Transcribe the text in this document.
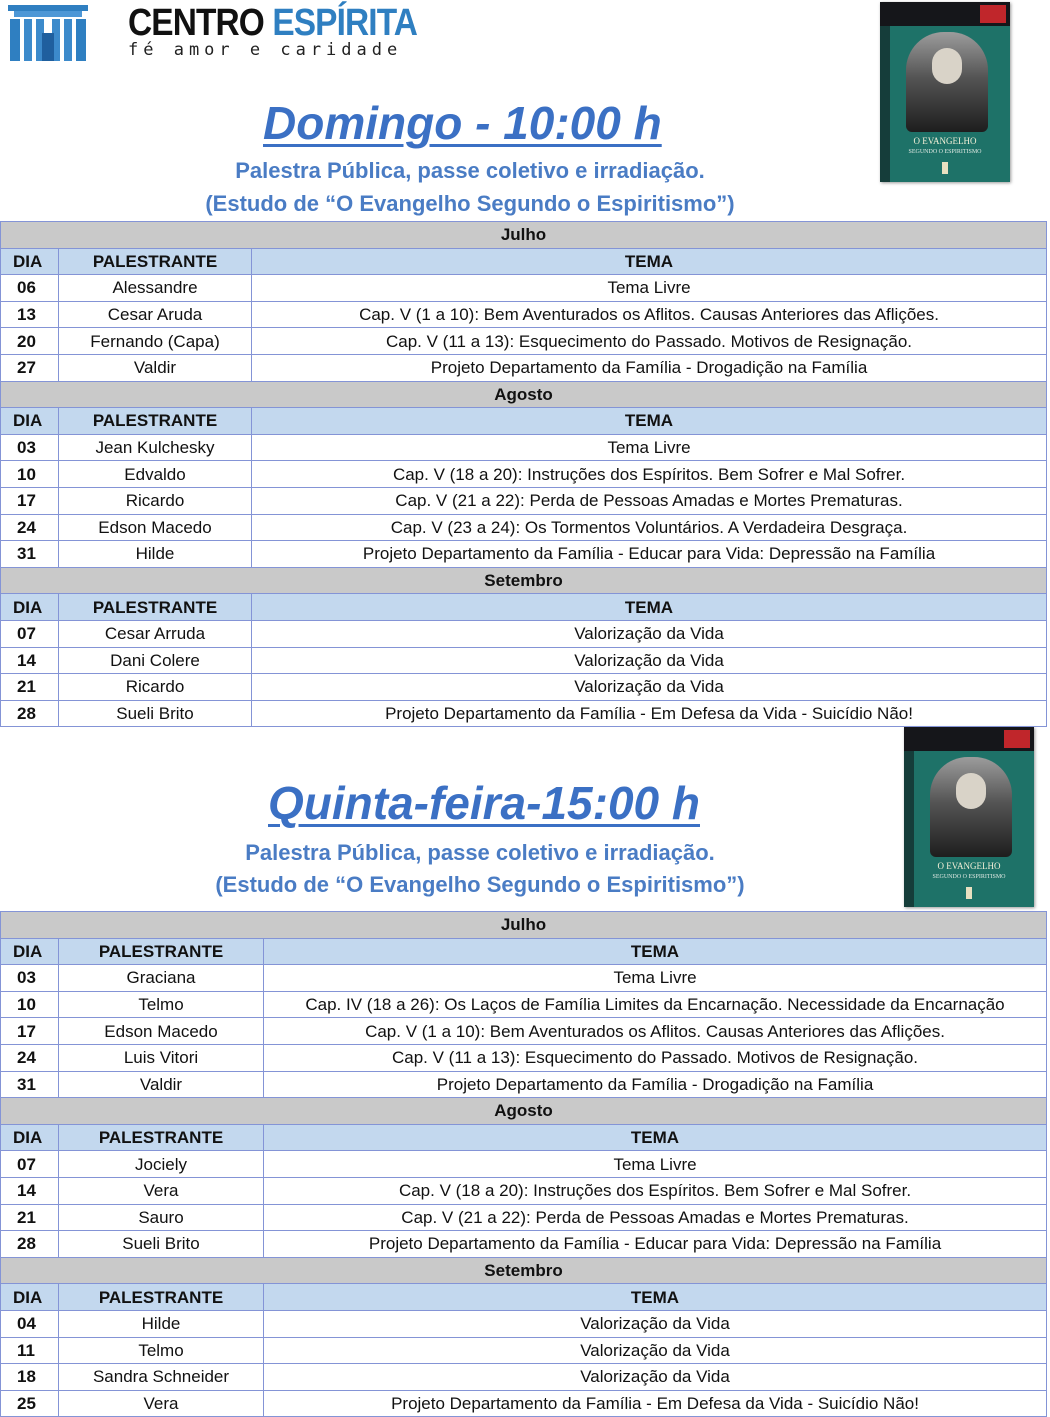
CENTRO ESPÍRITA
fé amor e caridade
O EVANGELHO
SEGUNDO O ESPIRITISMO
O EVANGELHO
SEGUNDO O ESPIRITISMO
Domingo - 10:00 h
Palestra Pública, passe coletivo e irradiação.
(Estudo de “O Evangelho Segundo o Espiritismo”)
Julho		
DIA	PALESTRANTE	TEMA
06	Alessandre	Tema Livre
13	Cesar Aruda	Cap. V (1 a 10): Bem Aventurados os Aflitos. Causas Anteriores das Aflições.
20	Fernando (Capa)	Cap. V (11 a 13): Esquecimento do Passado. Motivos de Resignação.
27	Valdir	Projeto Departamento da Família - Drogadição na Família
Agosto		
DIA	PALESTRANTE	TEMA
03	Jean Kulchesky	Tema Livre
10	Edvaldo	Cap. V (18 a 20): Instruções dos Espíritos. Bem Sofrer e Mal Sofrer.
17	Ricardo	Cap. V (21 a 22): Perda de Pessoas Amadas e Mortes Prematuras.
24	Edson Macedo	Cap. V (23 a 24): Os Tormentos Voluntários. A Verdadeira Desgraça.
31	Hilde	Projeto Departamento da Família - Educar para Vida: Depressão na Família
Setembro		
DIA	PALESTRANTE	TEMA
07	Cesar Arruda	Valorização da Vida
14	Dani Colere	Valorização da Vida
21	Ricardo	Valorização da Vida
28	Sueli Brito	Projeto Departamento da Família - Em Defesa da Vida - Suicídio Não!
Quinta-feira-15:00 h
Palestra Pública, passe coletivo e irradiação.
(Estudo de “O Evangelho Segundo o Espiritismo”)
Julho		
DIA	PALESTRANTE	TEMA
03	Graciana	Tema Livre
10	Telmo	Cap. IV (18 a 26): Os Laços de Família Limites da Encarnação. Necessidade da Encarnação
17	Edson Macedo	Cap. V (1 a 10): Bem Aventurados os Aflitos. Causas Anteriores das Aflições.
24	Luis Vitori	Cap. V (11 a 13): Esquecimento do Passado. Motivos de Resignação.
31	Valdir	Projeto Departamento da Família - Drogadição na Família
Agosto		
DIA	PALESTRANTE	TEMA
07	Jociely	Tema Livre
14	Vera	Cap. V (18 a 20): Instruções dos Espíritos. Bem Sofrer e Mal Sofrer.
21	Sauro	Cap. V (21 a 22): Perda de Pessoas Amadas e Mortes Prematuras.
28	Sueli Brito	Projeto Departamento da Família - Educar para Vida: Depressão na Família
Setembro		
DIA	PALESTRANTE	TEMA
04	Hilde	Valorização da Vida
11	Telmo	Valorização da Vida
18	Sandra Schneider	Valorização da Vida
25	Vera	Projeto Departamento da Família - Em Defesa da Vida - Suicídio Não!
